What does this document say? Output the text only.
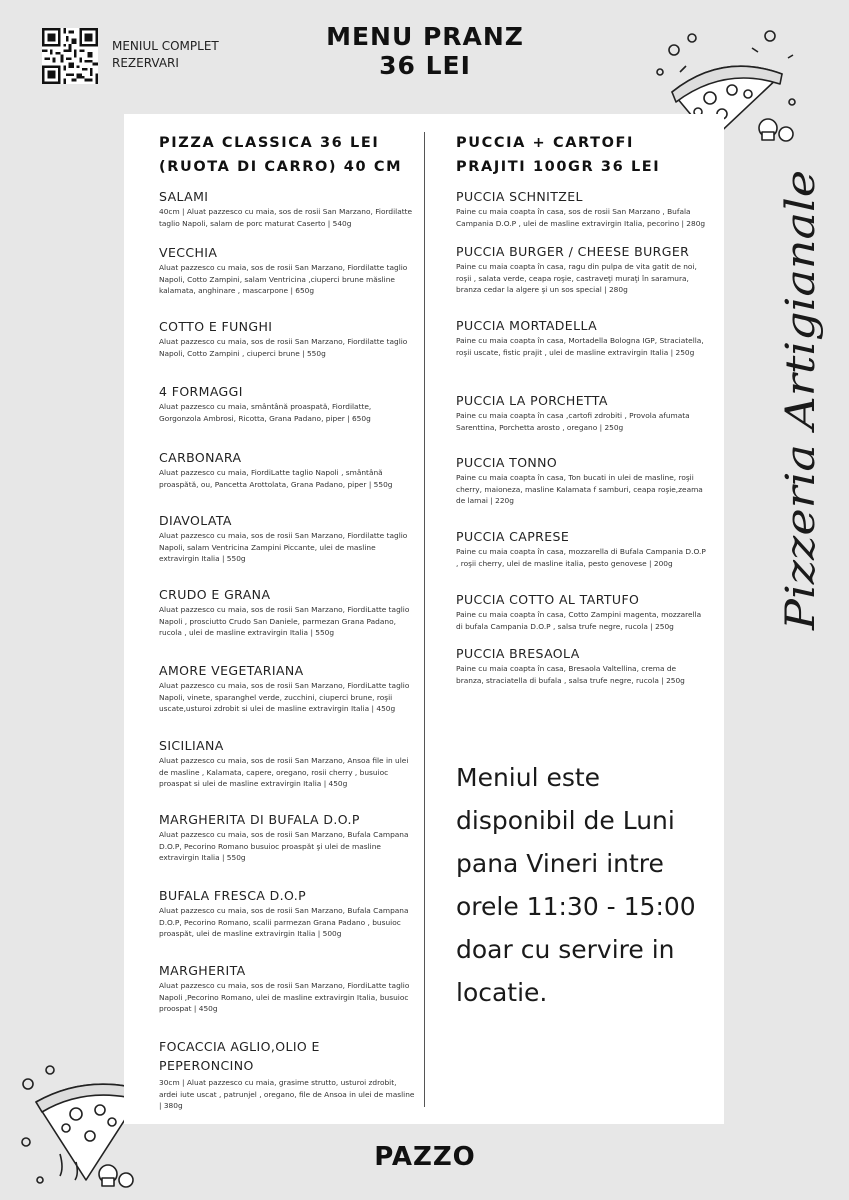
MENIUL COMPLET
REZERVARI
MENU PRANZ
36 LEI
Pizzeria Artigianale
PIZZA CLASSICA 36 LEI
(RUOTA DI CARRO) 40 CM
SALAMI
40cm | Aluat pazzesco cu maia, sos de rosii San Marzano, Fiordilatte taglio Napoli, salam de porc maturat Caserto | 540g
VECCHIA
Aluat pazzesco cu maia, sos de rosii San Marzano, Fiordilatte taglio Napoli, Cotto Zampini, salam Ventricina ,ciuperci brune măsline kalamata, anghinare , mascarpone | 650g
COTTO E FUNGHI
Aluat pazzesco cu maia, sos de rosii San Marzano, Fiordilatte taglio Napoli, Cotto Zampini , ciuperci brune | 550g
4 FORMAGGI
Aluat pazzesco cu maia, smântână proaspată, Fiordilatte, Gorgonzola Ambrosi, Ricotta, Grana Padano, piper | 650g
CARBONARA
Aluat pazzesco cu maia, FiordiLatte taglio Napoli , smântână proaspătă, ou, Pancetta Arottolata, Grana Padano, piper | 550g
DIAVOLATA
Aluat pazzesco cu maia, sos de rosii San Marzano, Fiordilatte taglio Napoli, salam Ventricina Zampini Piccante, ulei de masline extravirgin Italia | 550g
CRUDO E GRANA
Aluat pazzesco cu maia, sos de rosii San Marzano, FiordiLatte taglio Napoli , prosciutto Crudo San Daniele, parmezan Grana Padano, rucola , ulei de masline extravirgin Italia | 550g
AMORE VEGETARIANA
Aluat pazzesco cu maia, sos de rosii San Marzano, FiordiLatte taglio Napoli, vinete, sparanghel verde, zucchini, ciuperci brune, roşii uscate,usturoi zdrobit si ulei de masline extravirgin Italia | 450g
SICILIANA
Aluat pazzesco cu maia, sos de rosii San Marzano, Ansoa file in ulei de masline , Kalamata, capere, oregano, rosii cherry , busuioc proaspat si ulei de masline extravirgin Italia | 450g
MARGHERITA DI BUFALA D.O.P
Aluat pazzesco cu maia, sos de rosii San Marzano, Bufala Campana D.O.P, Pecorino Romano busuioc proaspăt şi ulei de masline extravirgin Italia | 550g
BUFALA FRESCA D.O.P
Aluat pazzesco cu maia, sos de rosii San Marzano, Bufala Campana D.O.P, Pecorino Romano, scalii parmezan Grana Padano , busuioc proaspăt, ulei de masline extravirgin Italia | 500g
MARGHERITA
Aluat pazzesco cu maia, sos de rosii San Marzano, FiordiLatte taglio Napoli ,Pecorino Romano, ulei de masline extravirgin Italia, busuioc proospat | 450g
FOCACCIA AGLIO,OLIO E PEPERONCINO
30cm | Aluat pazzesco cu maia, grasime strutto, usturoi zdrobit, ardei iute uscat , patrunjel , oregano, file de Ansoa in ulei de masline | 380g
PUCCIA + CARTOFI
PRAJITI 100GR 36 LEI
PUCCIA SCHNITZEL
Paine cu maia coapta în casa, sos de rosii San Marzano , Bufala Campania D.O.P , ulei de masline extravirgin Italia, pecorino | 280g
PUCCIA BURGER / CHEESE BURGER
Paine cu maia coapta în casa, ragu din pulpa de vita gatit de noi, roşii , salata verde, ceapa roşie, castraveţi muraţi în saramura, branza cedar la algere şi un sos special | 280g
PUCCIA MORTADELLA
Paine cu maia coapta în casa, Mortadella Bologna IGP, Straciatella, roşii uscate, fistic prajit , ulei de masline extravirgin Italia | 250g
PUCCIA LA PORCHETTA
Paine cu maia coapta în casa ,cartofi zdrobiti , Provola afumata Sarenttina, Porchetta arosto , oregano | 250g
PUCCIA TONNO
Paine cu maia coapta în casa, Ton bucati in ulei de masline, roşii cherry, maioneza, masline Kalamata f samburi, ceapa roşie,zeama de lamai | 220g
PUCCIA CAPRESE
Paine cu maia coapta în casa, mozzarella di Bufala Campania D.O.P , roşii cherry, ulei de masline italia, pesto genovese | 200g
PUCCIA COTTO AL TARTUFO
Paine cu maia coapta în casa, Cotto Zampini magenta, mozzarella di bufala Campania D.O.P , salsa trufe negre, rucola | 250g
PUCCIA BRESAOLA
Paine cu maia coapta în casa, Bresaola Valtellina, crema de branza, straciatella di bufala , salsa trufe negre, rucola | 250g
Meniul este disponibil de Luni pana Vineri intre orele 11:30 - 15:00 doar cu servire in locatie.
PAZZO
